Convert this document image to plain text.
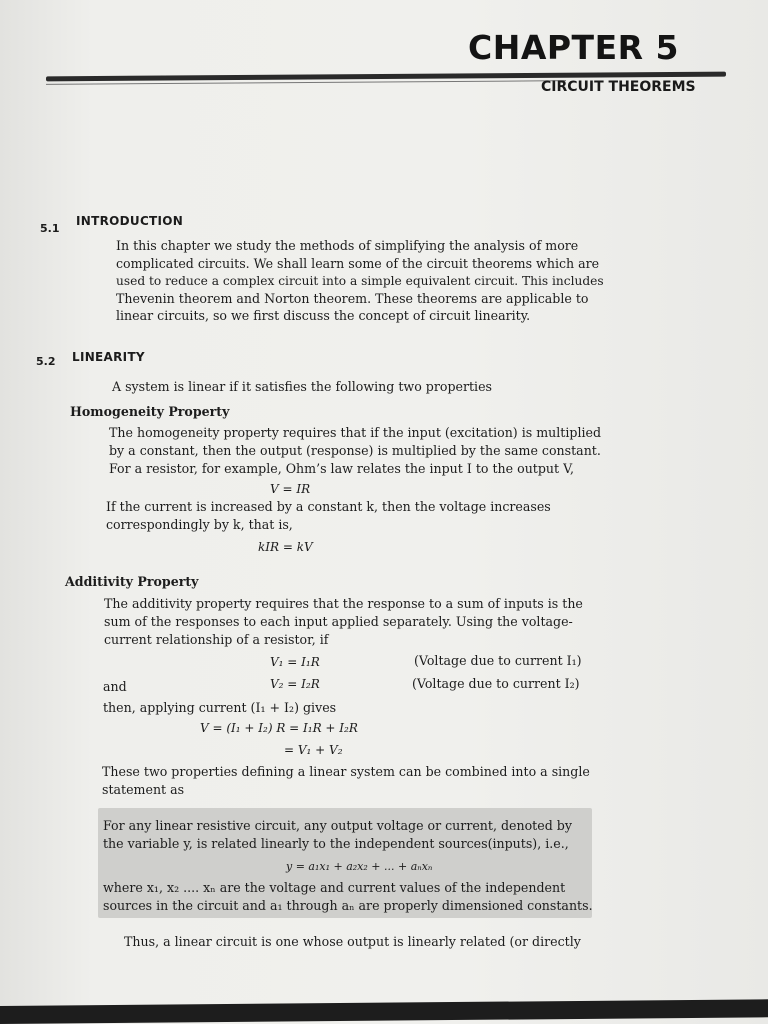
CHAPTER 5
CIRCUIT THEOREMS
5.1
INTRODUCTION
In this chapter we study the methods of simplifying the analysis of more
complicated circuits. We shall learn some of the circuit theorems which are
used to reduce a complex circuit into a simple equivalent circuit. This includes
Thevenin theorem and Norton theorem. These theorems are applicable to
linear circuits, so we first discuss the concept of circuit linearity.
5.2 LINEARITY
A system is linear if it satisfies the following two properties
Homogeneity Property
The homogeneity property requires that if the input (excitation) is multiplied
by a constant, then the output (response) is multiplied by the same constant.
For a resistor, for example, Ohm’s law relates the input I to the output V,
V = IR
If the current is increased by a constant k, then the voltage increases
correspondingly by k, that is,
kIR = kV
Additivity Property
The additivity property requires that the response to a sum of inputs is the
sum of the responses to each input applied separately. Using the voltage-
current relationship of a resistor, if
V₁ = I₁R	(Voltage due to current I₁)
and	V₂ = I₂R	(Voltage due to current I₂)
then, applying current (I₁ + I₂) gives
V = (I₁ + I₂) R = I₁R + I₂R
= V₁ + V₂
These two properties defining a linear system can be combined into a single
statement as
For any linear resistive circuit, any output voltage or current, denoted by
the variable y, is related linearly to the independent sources(inputs), i.e.,
y = a₁x₁ + a₂x₂ + ... + aₙxₙ
where x₁, x₂ .... xₙ are the voltage and current values of the independent
sources in the circuit and a₁ through aₙ are properly dimensioned constants.
Thus, a linear circuit is one whose output is linearly related (or directly
